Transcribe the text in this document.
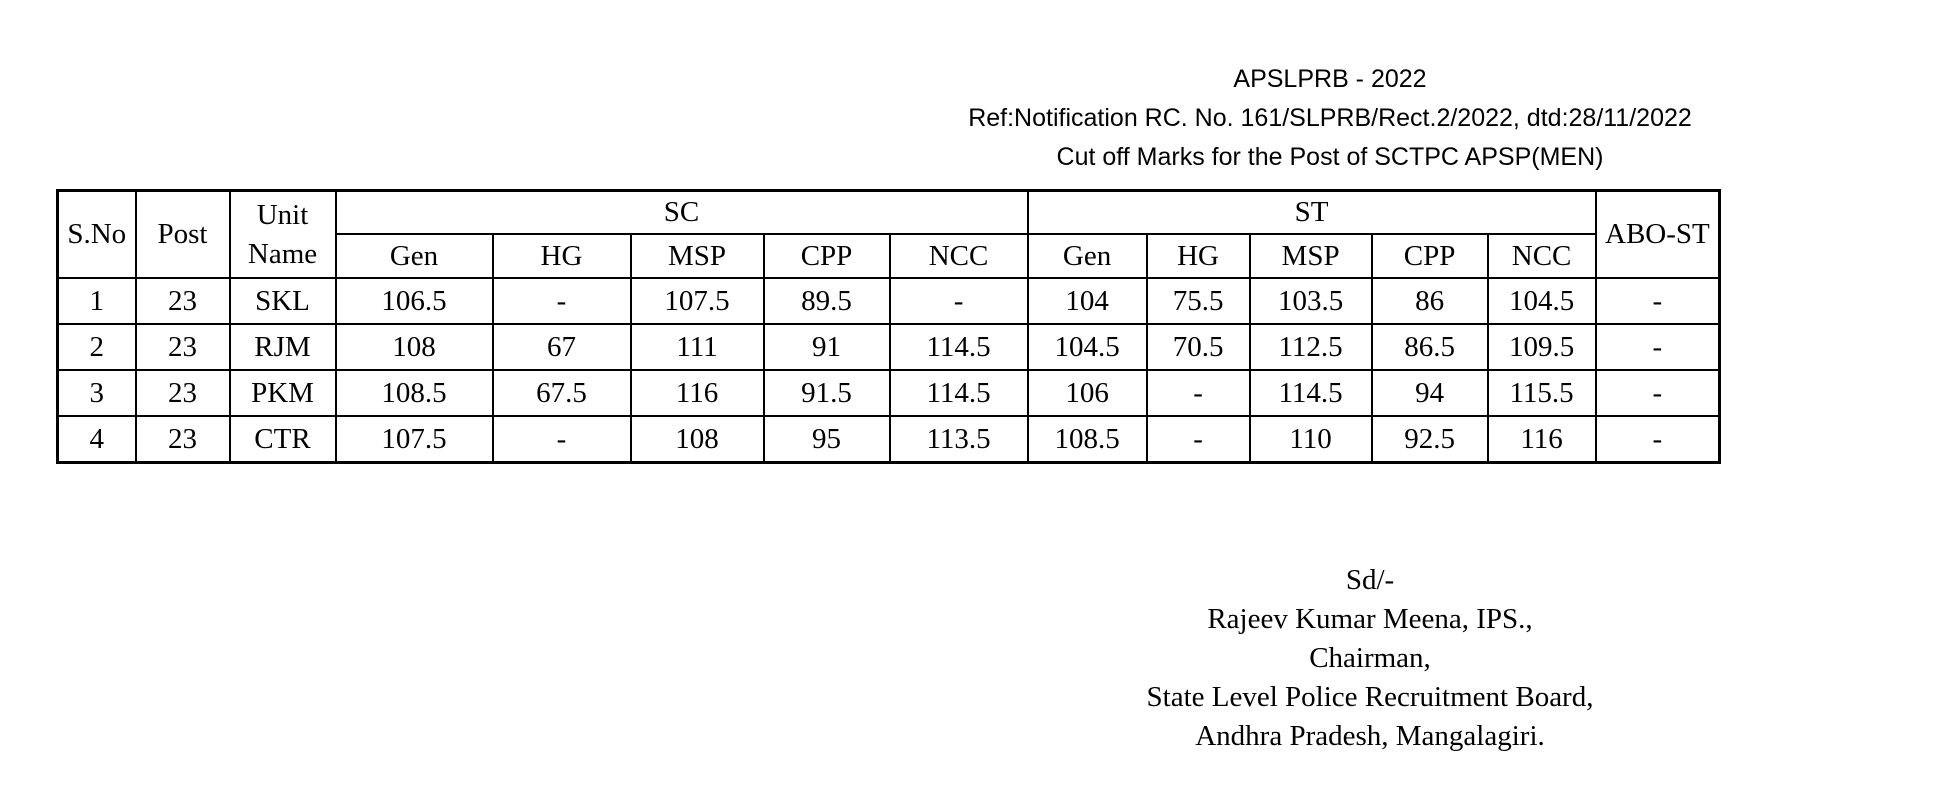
APSLPRB - 2022
Ref:Notification RC. No. 161/SLPRB/Rect.2/2022, dtd:28/11/2022
Cut off Marks for the Post of SCTPC APSP(MEN)
S.No	Post	Unit Name	SC					ST					ABO-ST
			Gen	HG	MSP	CPP	NCC	Gen	HG	MSP	CPP	NCC	
1	23	SKL	106.5	-	107.5	89.5	-	104	75.5	103.5	86	104.5	-
2	23	RJM	108	67	111	91	114.5	104.5	70.5	112.5	86.5	109.5	-
3	23	PKM	108.5	67.5	116	91.5	114.5	106	-	114.5	94	115.5	-
4	23	CTR	107.5	-	108	95	113.5	108.5	-	110	92.5	116	-
Sd/-
Rajeev Kumar Meena, IPS.,
Chairman,
State Level Police Recruitment Board,
Andhra Pradesh, Mangalagiri.
